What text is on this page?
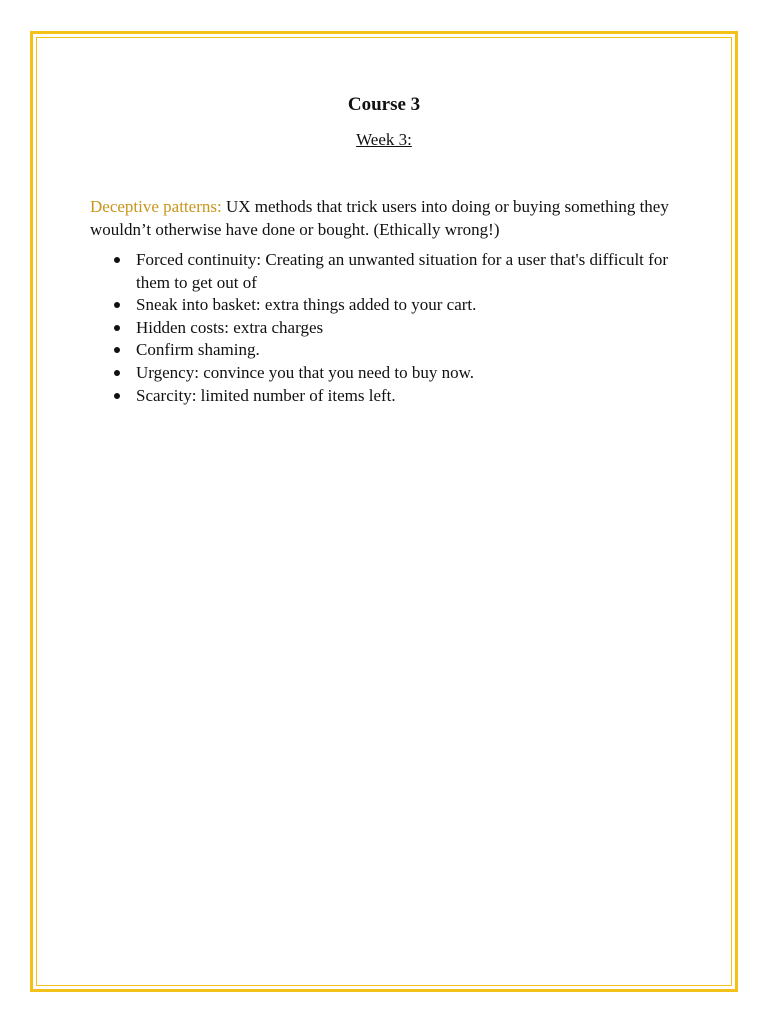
Course 3
Week 3:

Deceptive patterns: UX methods that trick users into doing or buying something they wouldn’t otherwise have done or bought. (Ethically wrong!)

Forced continuity: Creating an unwanted situation for a user that's difficult for them to get out of
Sneak into basket: extra things added to your cart.
Hidden costs: extra charges
Confirm shaming.
Urgency: convince you that you need to buy now.
Scarcity: limited number of items left.
